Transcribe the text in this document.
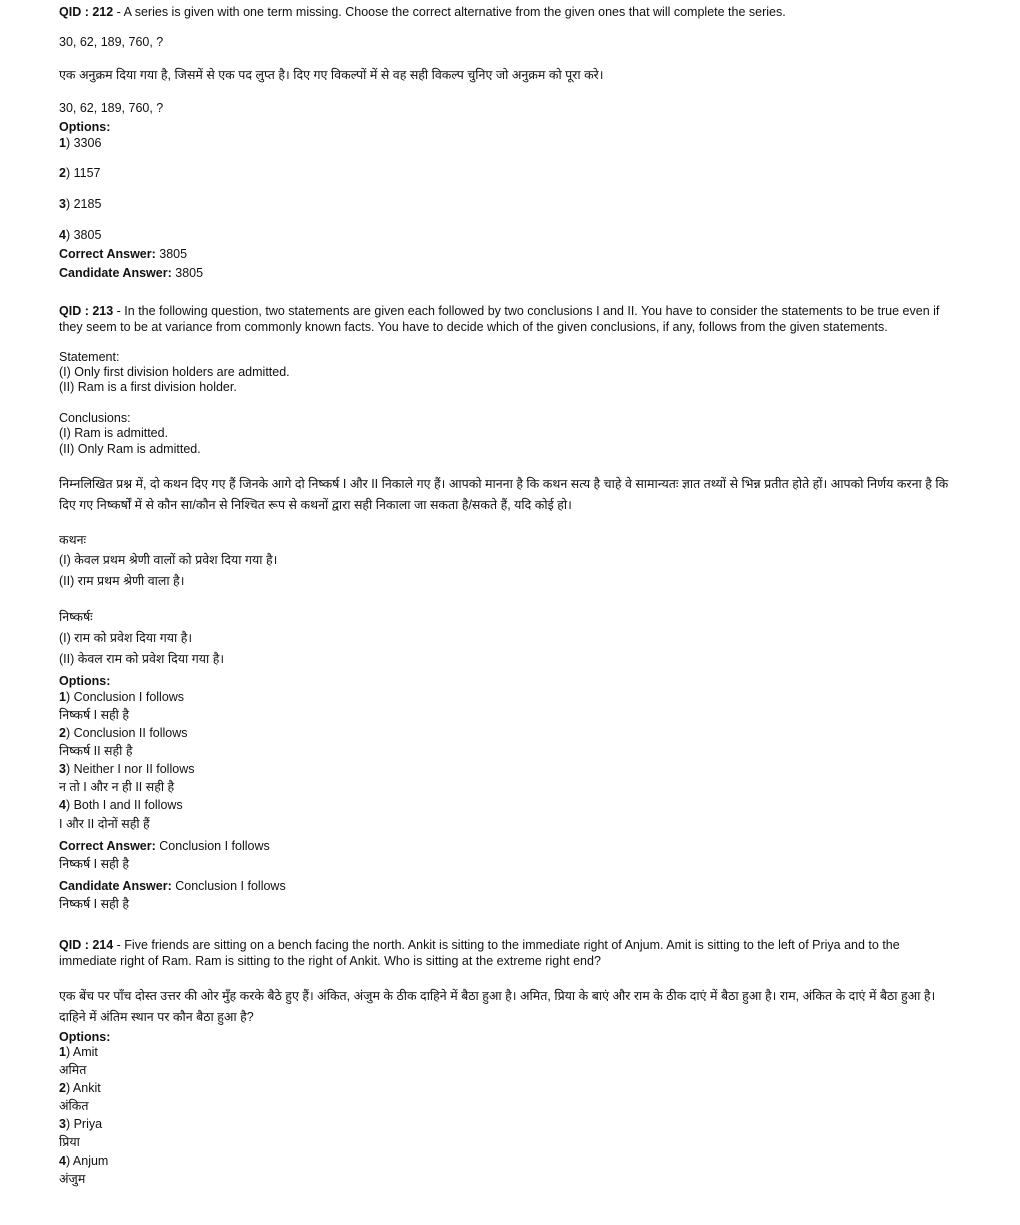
QID : 212 - A series is given with one term missing. Choose the correct alternative from the given ones that will complete the series.
30, 62, 189, 760, ?
एक अनुक्रम दिया गया है, जिसमें से एक पद लुप्त है। दिए गए विकल्पों में से वह सही विकल्प चुनिए जो अनुक्रम को पूरा करे।
30, 62, 189, 760, ?
Options:
1) 3306
2) 1157
3) 2185
4) 3805
Correct Answer: 3805
Candidate Answer: 3805
QID : 213 - In the following question, two statements are given each followed by two conclusions I and II. You have to consider the statements to be true even if they seem to be at variance from commonly known facts. You have to decide which of the given conclusions, if any, follows from the given statements.
Statement:
(I) Only first division holders are admitted.
(II) Ram is a first division holder.
Conclusions:
(I) Ram is admitted.
(II) Only Ram is admitted.
निम्नलिखित प्रश्न में, दो कथन दिए गए हैं जिनके आगे दो निष्कर्ष I और II निकाले गए हैं। आपको मानना है कि कथन सत्य है चाहे वे सामान्यतः ज्ञात तथ्यों से भिन्न प्रतीत होते हों। आपको निर्णय करना है कि दिए गए निष्कर्षों में से कौन सा/कौन से निश्चित रूप से कथनों द्वारा सही निकाला जा सकता है/सकते हैं, यदि कोई हो।
कथनः
(I) केवल प्रथम श्रेणी वालों को प्रवेश दिया गया है।
(II) राम प्रथम श्रेणी वाला है।
निष्कर्षः
(I) राम को प्रवेश दिया गया है।
(II) केवल राम को प्रवेश दिया गया है।
Options:
1) Conclusion I follows
निष्कर्ष I सही है
2) Conclusion II follows
निष्कर्ष II सही है
3) Neither I nor II follows
न तो I और न ही II सही है
4) Both I and II follows
I और II दोनों सही हैं
Correct Answer: Conclusion I follows
निष्कर्ष I सही है
Candidate Answer: Conclusion I follows
निष्कर्ष I सही है
QID : 214 - Five friends are sitting on a bench facing the north. Ankit is sitting to the immediate right of Anjum. Amit is sitting to the left of Priya and to the immediate right of Ram. Ram is sitting to the right of Ankit. Who is sitting at the extreme right end?
एक बेंच पर पाँच दोस्त उत्तर की ओर मुँह करके बैठे हुए हैं। अंकित, अंजुम के ठीक दाहिने में बैठा हुआ है। अमित, प्रिया के बाएं और राम के ठीक दाएं में बैठा हुआ है। राम, अंकित के दाएं में बैठा हुआ है। दाहिने में अंतिम स्थान पर कौन बैठा हुआ है?
Options:
1) Amit
अमित
2) Ankit
अंकित
3) Priya
प्रिया
4) Anjum
अंजुम
